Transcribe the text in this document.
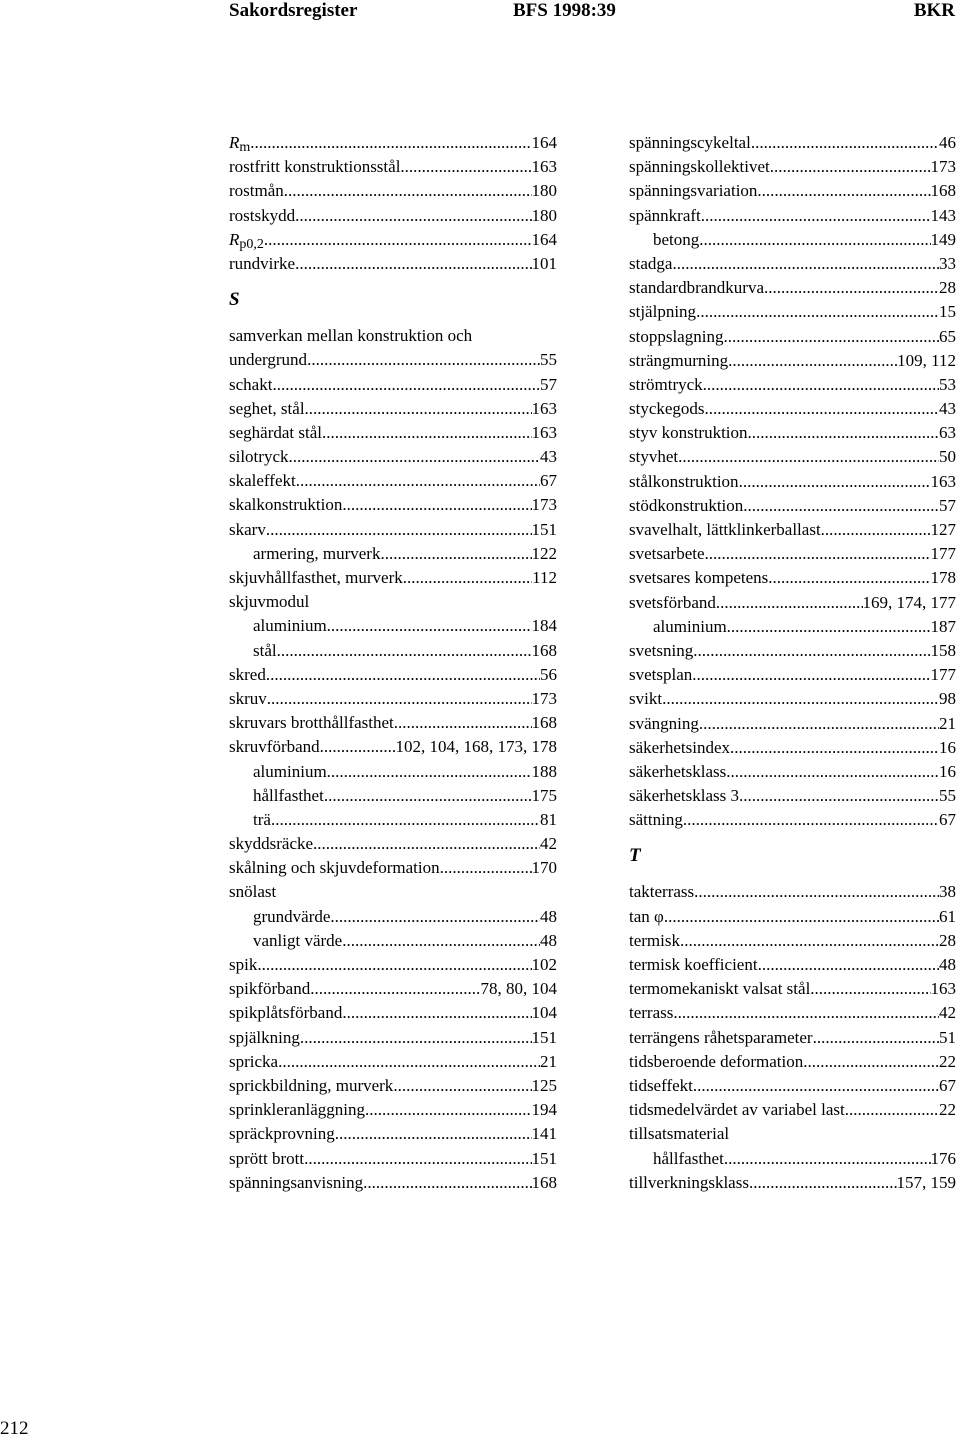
Sakordsregister	BFS 1998:39	BKR
Rm .....	164
rostfritt konstruktionsstål .....	163
rostmån .....	180
rostskydd .....	180
Rp0,2 .....	164
rundvirke .....	101
S
samverkan mellan konstruktion och
undergrund .....	55
schakt .....	57
seghet, stål .....	163
seghärdat stål .....	163
silotryck .....	43
skaleffekt .....	67
skalkonstruktion .....	173
skarv .....	151
armering, murverk .....	122
skjuvhållfasthet, murverk .....	112
skjuvmodul
aluminium .....	184
stål .....	168
skred .....	56
skruv .....	173
skruvars brotthållfasthet .....	168
skruvförband .....	102, 104, 168, 173, 178
aluminium .....	188
hållfasthet .....	175
trä .....	81
skyddsräcke .....	42
skålning och skjuvdeformation .....	170
snölast
grundvärde .....	48
vanligt värde .....	48
spik .....	102
spikförband .....	78, 80, 104
spikplåtsförband .....	104
spjälkning .....	151
spricka .....	21
sprickbildning, murverk .....	125
sprinkleranläggning .....	194
spräckprovning .....	141
sprött brott .....	151
spänningsanvisning .....	168
spänningscykeltal .....	46
spänningskollektivet .....	173
spänningsvariation .....	168
spännkraft .....	143
betong .....	149
stadga .....	33
standardbrandkurva .....	28
stjälpning .....	15
stoppslagning .....	65
strängmurning .....	109, 112
strömtryck .....	53
styckegods .....	43
styv konstruktion .....	63
styvhet .....	50
stålkonstruktion .....	163
stödkonstruktion .....	57
svavelhalt, lättklinkerballast .....	127
svetsarbete .....	177
svetsares kompetens .....	178
svetsförband .....	169, 174, 177
aluminium .....	187
svetsning .....	158
svetsplan .....	177
svikt .....	98
svängning .....	21
säkerhetsindex .....	16
säkerhetsklass .....	16
säkerhetsklass 3 .....	55
sättning .....	67
T
takterrass .....	38
tan φ .....	61
termisk .....	28
termisk koefficient .....	48
termomekaniskt valsat stål .....	163
terrass .....	42
terrängens råhetsparameter .....	51
tidsberoende deformation .....	22
tidseffekt .....	67
tidsmedelvärdet av variabel last .....	22
tillsatsmaterial
hållfasthet .....	176
tillverkningsklass .....	157, 159
212
